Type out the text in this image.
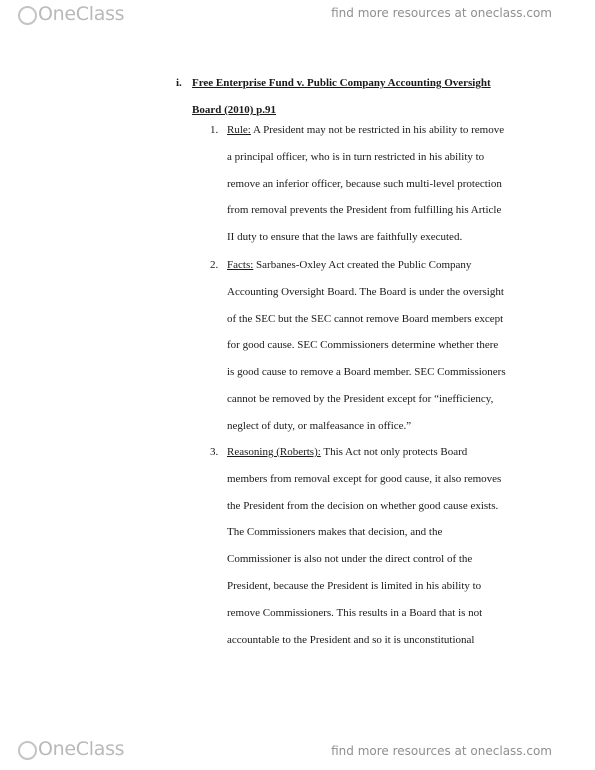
OneClass	find more resources at oneclass.com
i. Free Enterprise Fund v. Public Company Accounting Oversight
Board (2010) p.91
1. Rule: A President may not be restricted in his ability to remove
a principal officer, who is in turn restricted in his ability to
remove an inferior officer, because such multi-level protection
from removal prevents the President from fulfilling his Article
II duty to ensure that the laws are faithfully executed.
2. Facts: Sarbanes-Oxley Act created the Public Company
Accounting Oversight Board. The Board is under the oversight
of the SEC but the SEC cannot remove Board members except
for good cause. SEC Commissioners determine whether there
is good cause to remove a Board member. SEC Commissioners
cannot be removed by the President except for “inefficiency,
neglect of duty, or malfeasance in office.”
3. Reasoning (Roberts): This Act not only protects Board
members from removal except for good cause, it also removes
the President from the decision on whether good cause exists.
The Commissioners makes that decision, and the
Commissioner is also not under the direct control of the
President, because the President is limited in his ability to
remove Commissioners. This results in a Board that is not
accountable to the President and so it is unconstitutional
OneClass	find more resources at oneclass.com
